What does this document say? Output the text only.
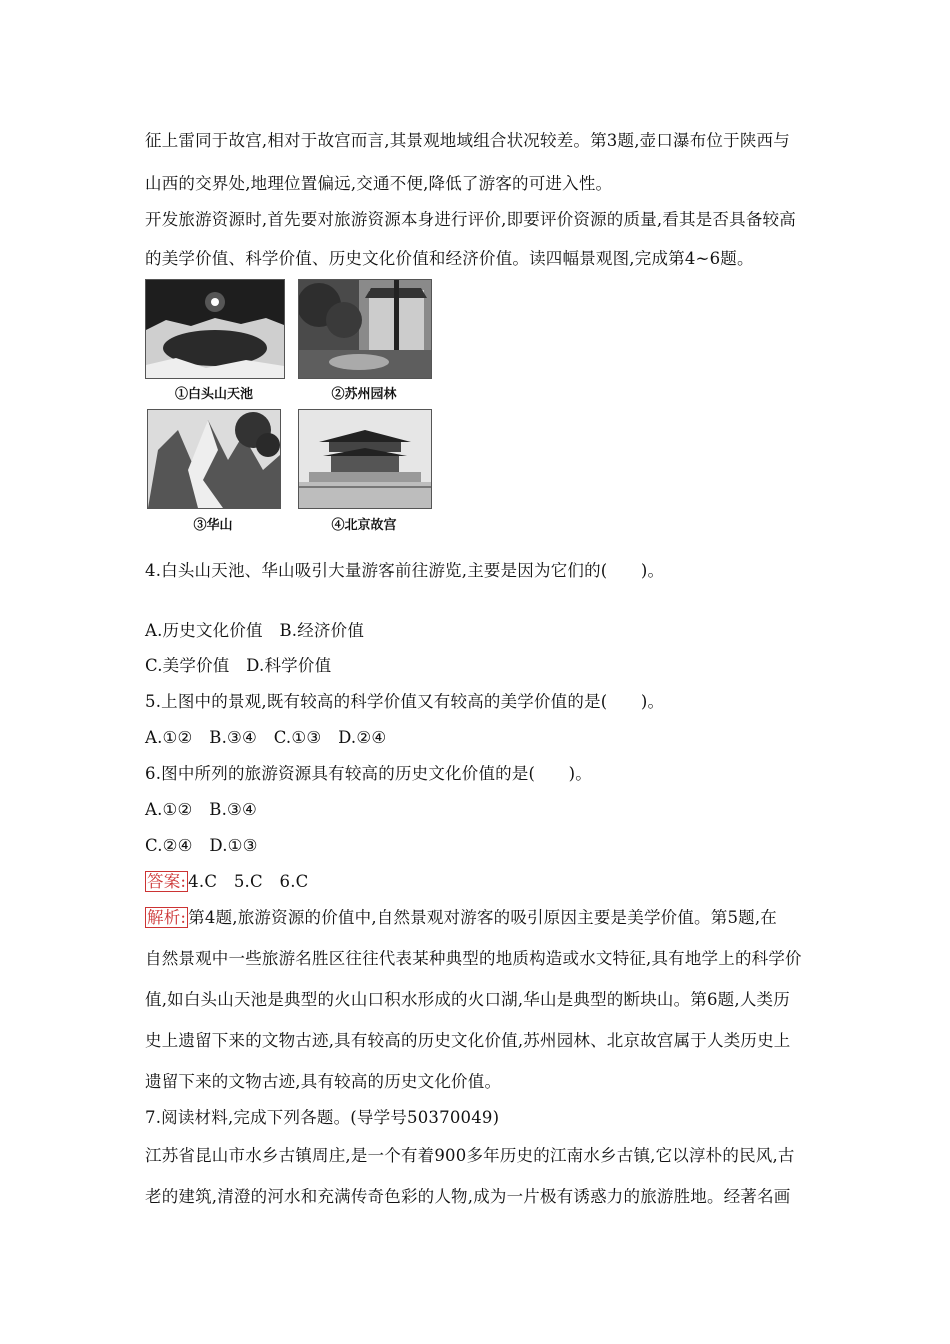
征上雷同于故宫,相对于故宫而言,其景观地域组合状况较差。第3题,壶口瀑布位于陕西与
山西的交界处,地理位置偏远,交通不便,降低了游客的可进入性。
开发旅游资源时,首先要对旅游资源本身进行评价,即要评价资源的质量,看其是否具备较高
的美学价值、科学价值、历史文化价值和经济价值。读四幅景观图,完成第4~6题。
①白头山天池	②苏州园林
③华山	④北京故宫
4.白头山天池、华山吸引大量游客前往游览,主要是因为它们的(　　)。
A.历史文化价值　B.经济价值
C.美学价值　D.科学价值
5.上图中的景观,既有较高的科学价值又有较高的美学价值的是(　　)。
A.①②　B.③④　C.①③　D.②④
6.图中所列的旅游资源具有较高的历史文化价值的是(　　)。
A.①②　B.③④
C.②④　D.①③
答案: 4.C　5.C　6.C
解析: 第4题,旅游资源的价值中,自然景观对游客的吸引原因主要是美学价值。第5题,在
自然景观中一些旅游名胜区往往代表某种典型的地质构造或水文特征,具有地学上的科学价
值,如白头山天池是典型的火山口积水形成的火口湖,华山是典型的断块山。第6题,人类历
史上遗留下来的文物古迹,具有较高的历史文化价值,苏州园林、北京故宫属于人类历史上
遗留下来的文物古迹,具有较高的历史文化价值。
7.阅读材料,完成下列各题。(导学号50370049)
江苏省昆山市水乡古镇周庄,是一个有着900多年历史的江南水乡古镇,它以淳朴的民风,古
老的建筑,清澄的河水和充满传奇色彩的人物,成为一片极有诱惑力的旅游胜地。经著名画
